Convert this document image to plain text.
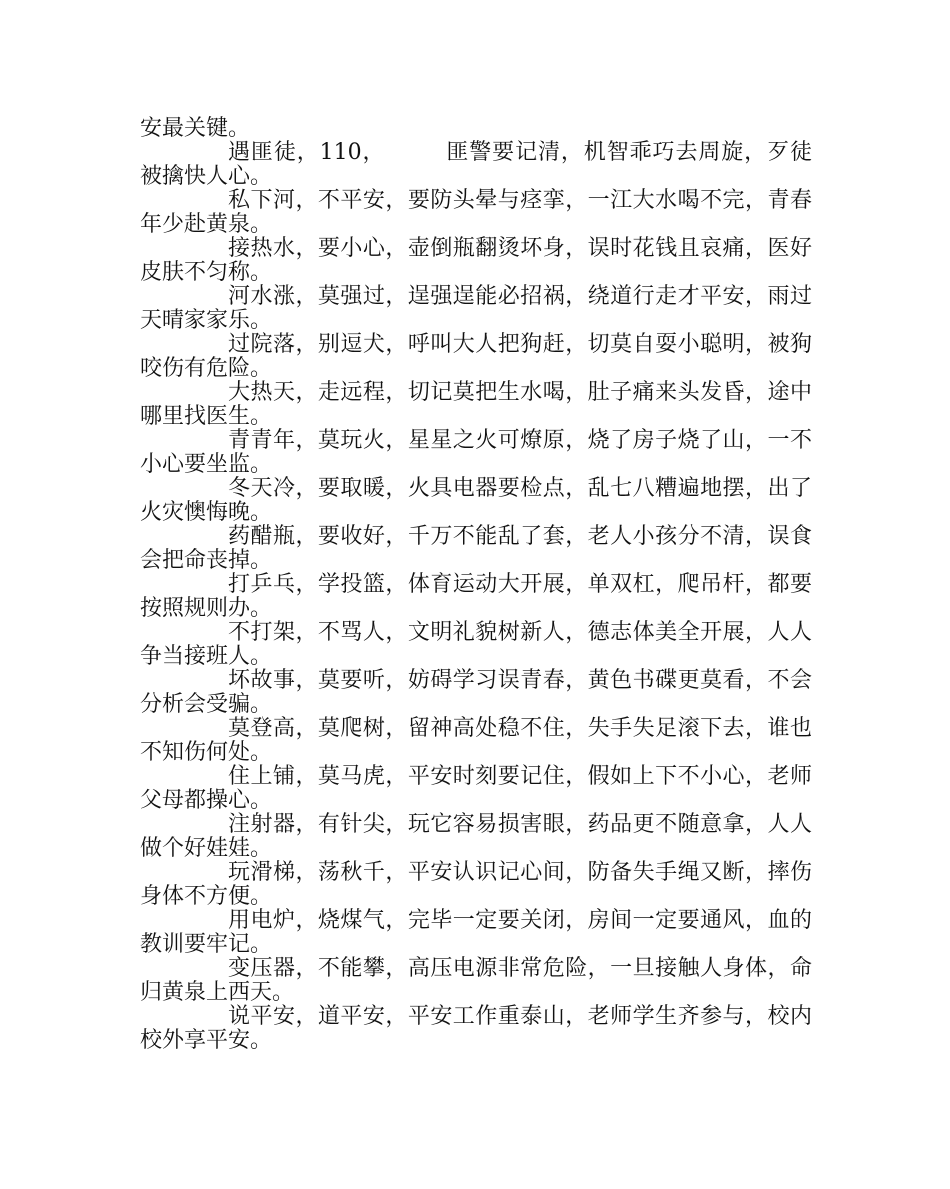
安最关键。

遇匪徒，110，	匪警要记清，机智乖巧去周旋，歹徒被擒快人心。

私下河，不平安，要防头晕与痉挛，一江大水喝不完，青春年少赴黄泉。

接热水，要小心，壶倒瓶翻烫坏身，误时花钱且哀痛，医好皮肤不匀称。

河水涨，莫强过，逞强逞能必招祸，绕道行走才平安，雨过天晴家家乐。

过院落，别逗犬，呼叫大人把狗赶，切莫自耍小聪明，被狗咬伤有危险。

大热天，走远程，切记莫把生水喝，肚子痛来头发昏，途中哪里找医生。

青青年，莫玩火，星星之火可燎原，烧了房子烧了山，一不小心要坐监。

冬天冷，要取暖，火具电器要检点，乱七八糟遍地摆，出了火灾懊悔晚。

药醋瓶，要收好，千万不能乱了套，老人小孩分不清，误食会把命丧掉。

打乒乓，学投篮，体育运动大开展，单双杠，爬吊杆，都要按照规则办。

不打架，不骂人，文明礼貌树新人，德志体美全开展，人人争当接班人。

坏故事，莫要听，妨碍学习误青春，黄色书碟更莫看，不会分析会受骗。

莫登高，莫爬树，留神高处稳不住，失手失足滚下去，谁也不知伤何处。

住上铺，莫马虎，平安时刻要记住，假如上下不小心，老师父母都操心。

注射器，有针尖，玩它容易损害眼，药品更不随意拿，人人做个好娃娃。

玩滑梯，荡秋千，平安认识记心间，防备失手绳又断，摔伤身体不方便。

用电炉，烧煤气，完毕一定要关闭，房间一定要通风，血的教训要牢记。

变压器，不能攀，高压电源非常危险，一旦接触人身体，命归黄泉上西天。

说平安，道平安，平安工作重泰山，老师学生齐参与，校内校外享平安。
